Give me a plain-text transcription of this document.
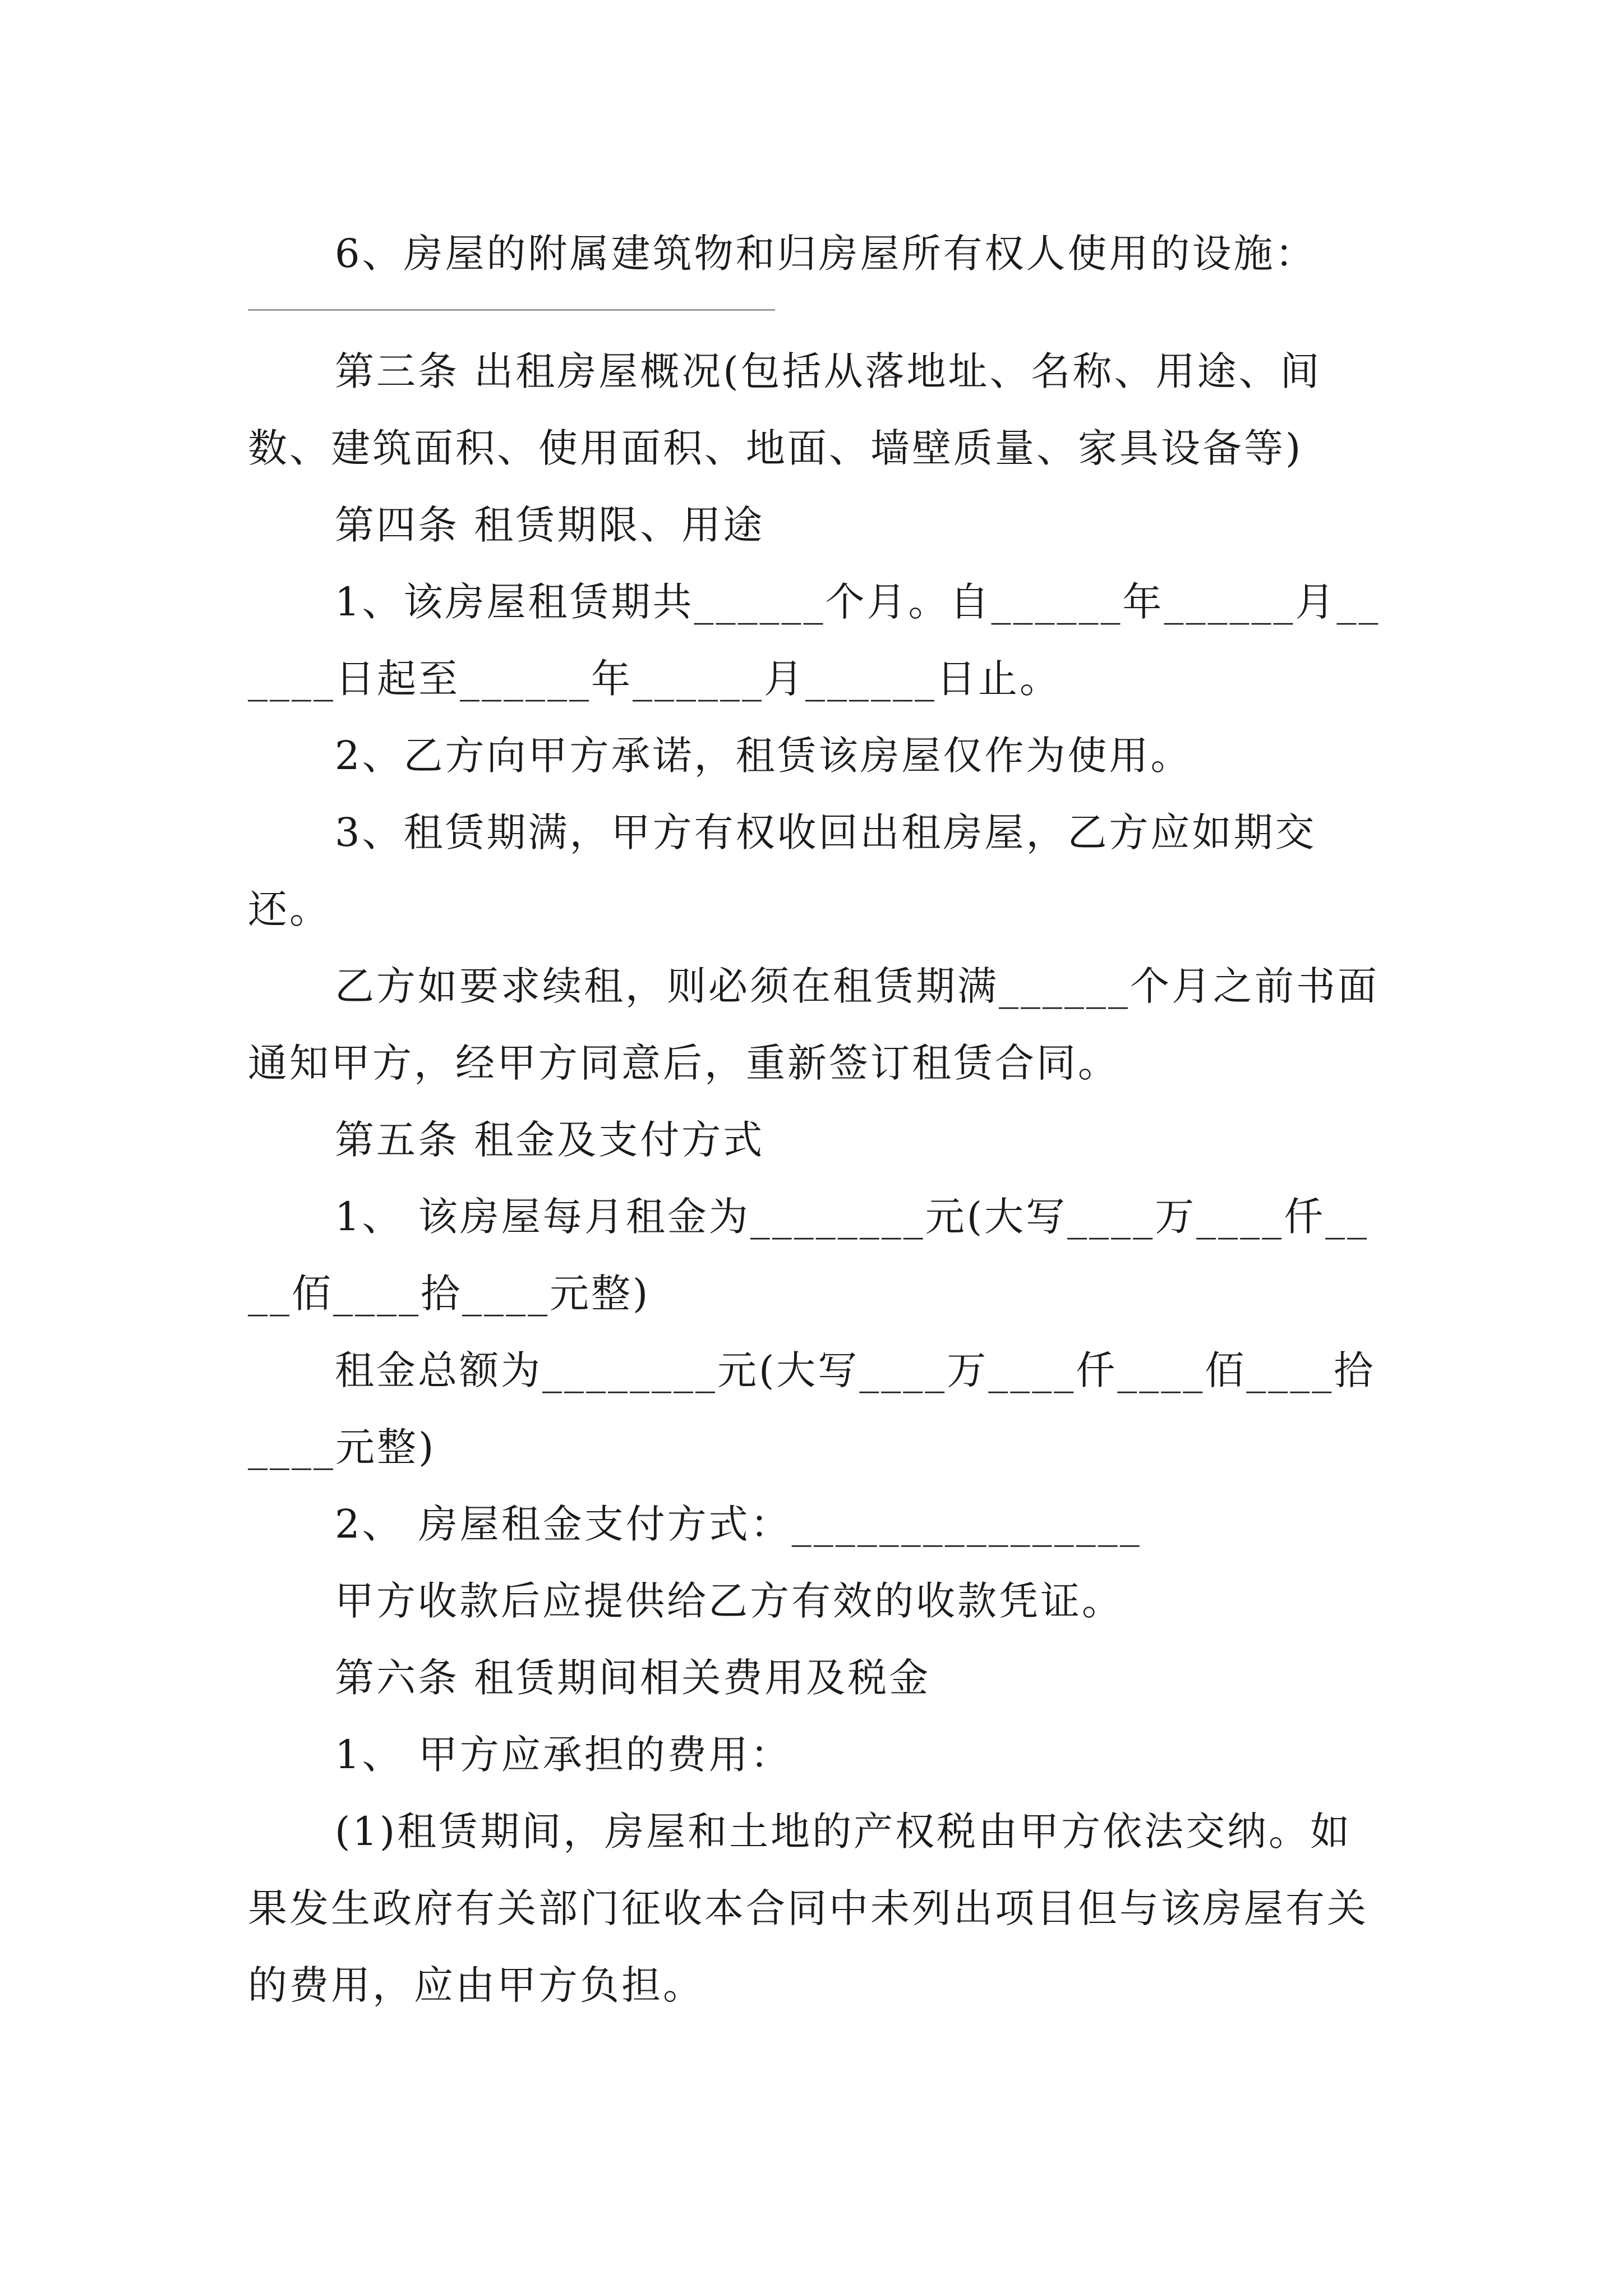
6、房屋的附属建筑物和归房屋所有权人使用的设施：

第三条 出租房屋概况(包括从落地址、名称、用途、间数、建筑面积、使用面积、地面、墙壁质量、家具设备等)

第四条 租赁期限、用途

1、该房屋租赁期共______个月。自______年______月______日起至______年______月______日止。

2、乙方向甲方承诺，租赁该房屋仅作为使用。

3、租赁期满，甲方有权收回出租房屋，乙方应如期交还。

乙方如要求续租，则必须在租赁期满______个月之前书面通知甲方，经甲方同意后，重新签订租赁合同。

第五条 租金及支付方式

1、 该房屋每月租金为________元(大写____万____仟____佰____拾____元整)

租金总额为________元(大写____万____仟____佰____拾____元整)

2、 房屋租金支付方式：________________

甲方收款后应提供给乙方有效的收款凭证。

第六条 租赁期间相关费用及税金

1、 甲方应承担的费用：

(1)租赁期间，房屋和土地的产权税由甲方依法交纳。如果发生政府有关部门征收本合同中未列出项目但与该房屋有关的费用，应由甲方负担。
